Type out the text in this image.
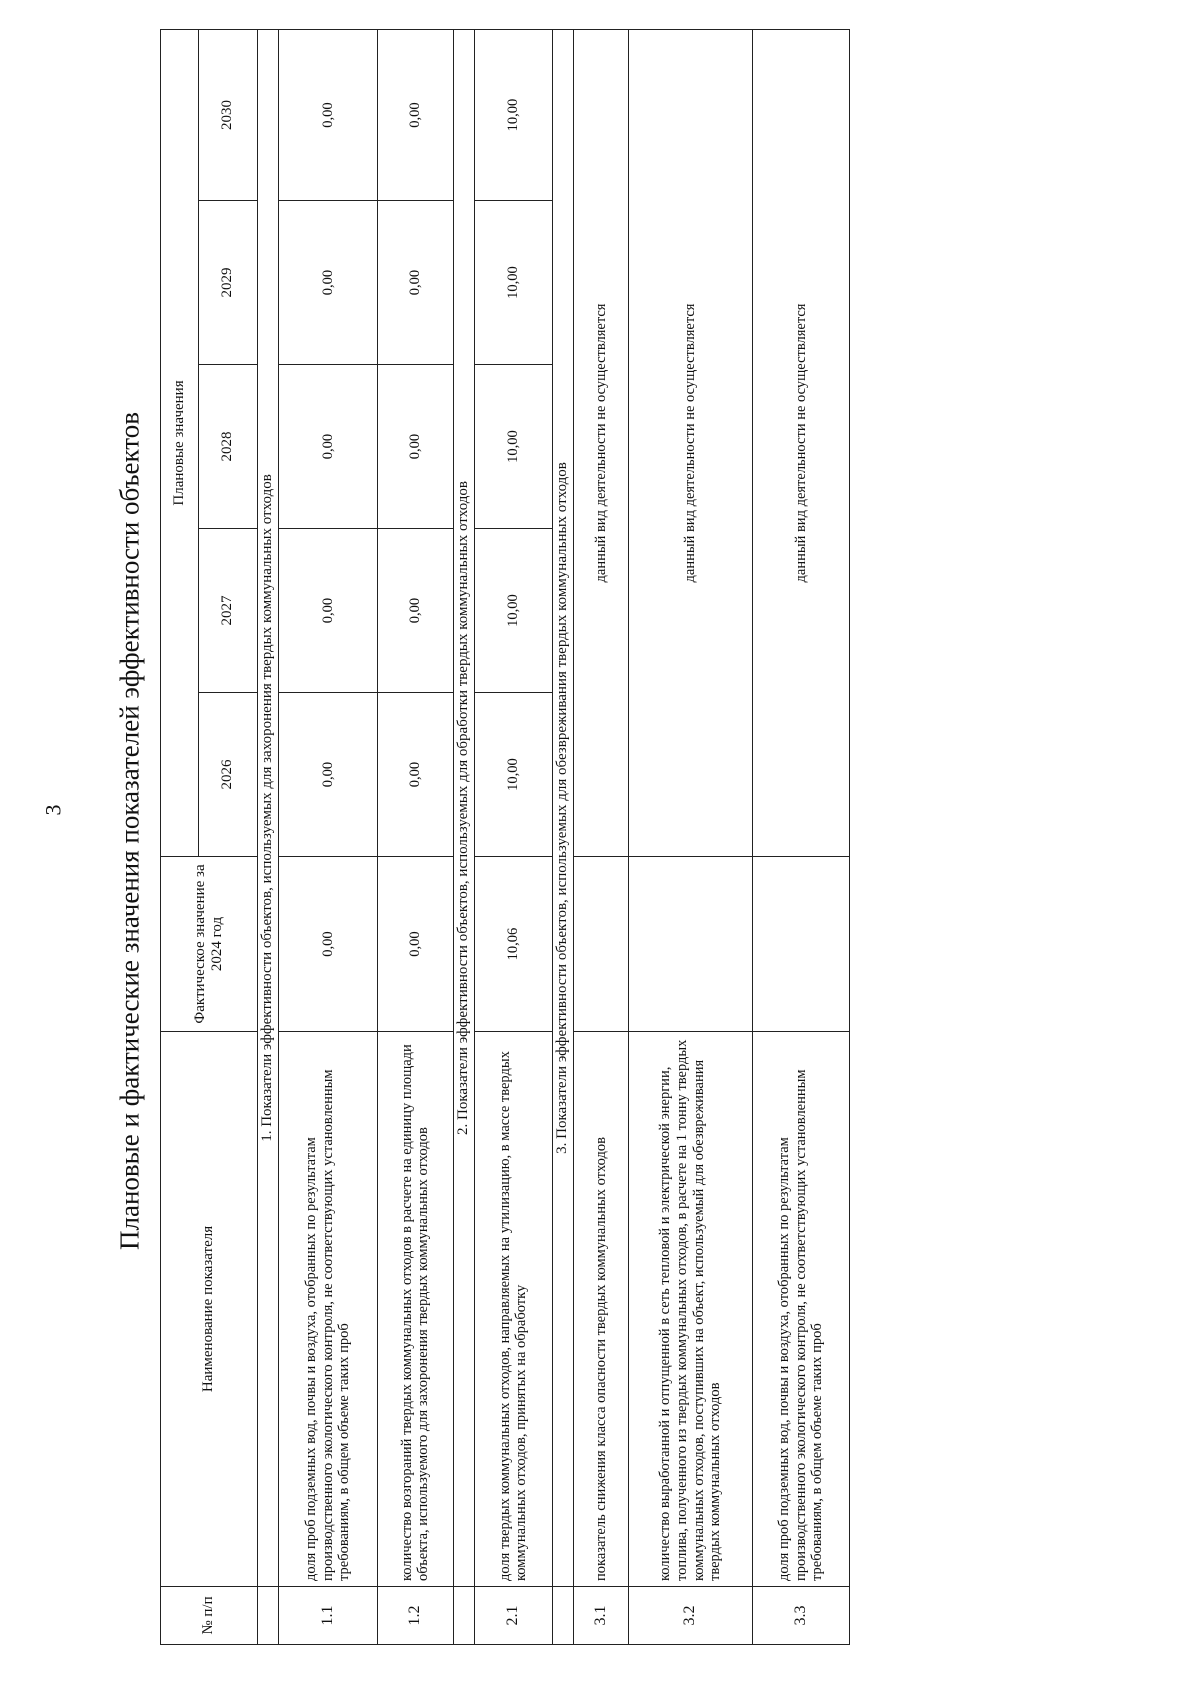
3 Плановые и фактические значения показателей эффективности объектов
№ п/п	Наименование показателя	Фактическое значение за 2024 год	Плановые значения				
			2026	2027	2028	2029	2030
	1. Показатели эффективности объектов, используемых для захоронения твердых коммунальных отходов						
1.1	доля проб подземных вод, почвы и воздуха, отобранных по результатам производственного экологического контроля, не соответствующих установленным требованиям, в общем объеме таких проб	0,00	0,00	0,00	0,00	0,00	0,00
1.2	количество возгораний твердых коммунальных отходов в расчете на единицу площади объекта, используемого для захоронения твердых коммунальных отходов	0,00	0,00	0,00	0,00	0,00	0,00
	2. Показатели эффективности объектов, используемых для обработки твердых коммунальных отходов						
2.1	доля твердых коммунальных отходов, направляемых на утилизацию, в массе твердых коммунальных отходов, принятых на обработку	10,06	10,00	10,00	10,00	10,00	10,00
	3. Показатели эффективности объектов, используемых для обезвреживания твердых коммунальных отходов						
3.1	показатель снижения класса опасности твердых коммунальных отходов		данный вид деятельности не осуществляется				
3.2	количество выработанной и отпущенной в сеть тепловой и электрической энергии, топлива, полученного из твердых коммунальных отходов, в расчете на 1 тонну твердых коммунальных отходов, поступивших на объект, используемый для обезвреживания твердых коммунальных отходов		данный вид деятельности не осуществляется				
3.3	доля проб подземных вод, почвы и воздуха, отобранных по результатам производственного экологического контроля, не соответствующих установленным требованиям, в общем объеме таких проб		данный вид деятельности не осуществляется				
